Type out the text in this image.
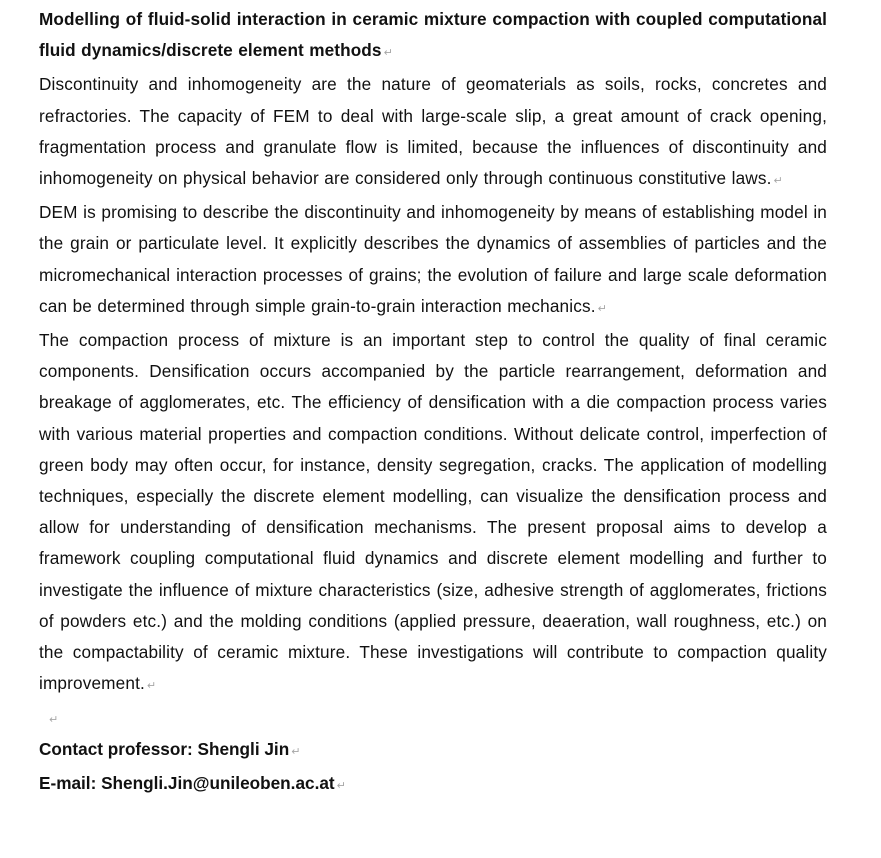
Modelling of fluid-solid interaction in ceramic mixture compaction with coupled computational fluid dynamics/discrete element methods ↵

Discontinuity and inhomogeneity are the nature of geomaterials as soils, rocks, concretes and refractories. The capacity of FEM to deal with large-scale slip, a great amount of crack opening, fragmentation process and granulate flow is limited, because the influences of discontinuity and inhomogeneity on physical behavior are considered only through continuous constitutive laws. ↵

DEM is promising to describe the discontinuity and inhomogeneity by means of establishing model in the grain or particulate level. It explicitly describes the dynamics of assemblies of particles and the micromechanical interaction processes of grains; the evolution of failure and large scale deformation can be determined through simple grain-to-grain interaction mechanics. ↵

The compaction process of mixture is an important step to control the quality of final ceramic components. Densification occurs accompanied by the particle rearrangement, deformation and breakage of agglomerates, etc. The efficiency of densification with a die compaction process varies with various material properties and compaction conditions. Without delicate control, imperfection of green body may often occur, for instance, density segregation, cracks. The application of modelling techniques, especially the discrete element modelling, can visualize the densification process and allow for understanding of densification mechanisms. The present proposal aims to develop a framework coupling computational fluid dynamics and discrete element modelling and further to investigate the influence of mixture characteristics (size, adhesive strength of agglomerates, frictions of powders etc.) and the molding conditions (applied pressure, deaeration, wall roughness, etc.) on the compactability of ceramic mixture. These investigations will contribute to compaction quality improvement. ↵

↵

Contact professor: Shengli Jin ↵

E-mail: Shengli.Jin@unileoben.ac.at ↵
